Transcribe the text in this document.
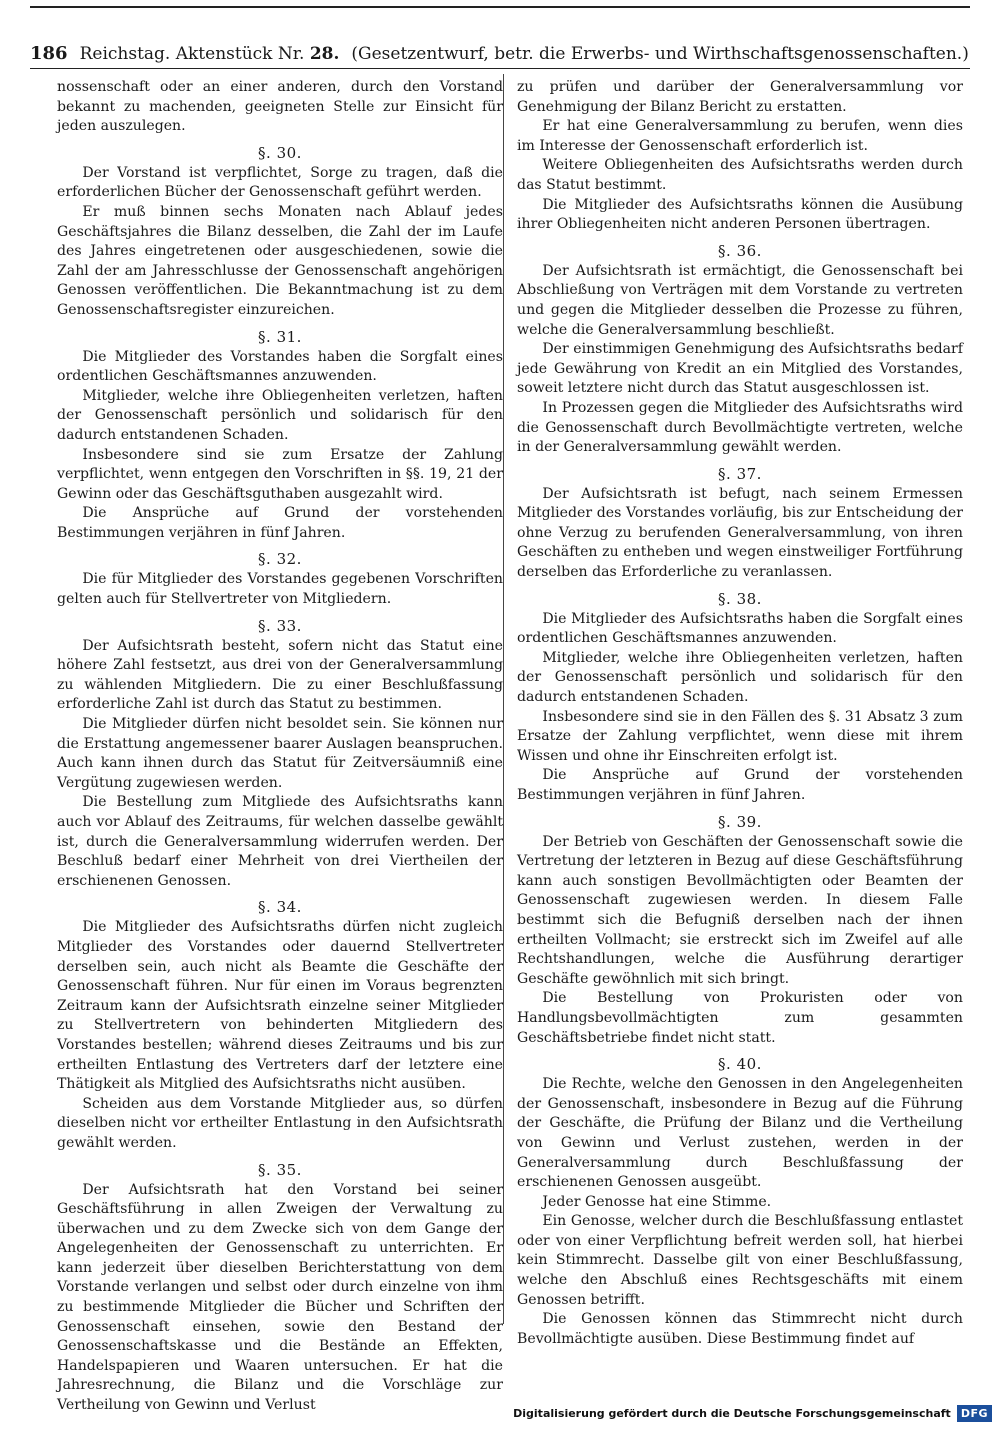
186 Reichstag. Aktenstück Nr. 28. (Gesetzentwurf, betr. die Erwerbs- und Wirthschaftsgenossenschaften.)

nossenschaft oder an einer anderen, durch den Vorstand bekannt zu machenden, geeigneten Stelle zur Einsicht für jeden auszulegen.

§. 30.

Der Vorstand ist verpflichtet, Sorge zu tragen, daß die erforderlichen Bücher der Genossenschaft geführt werden.

Er muß binnen sechs Monaten nach Ablauf jedes Geschäftsjahres die Bilanz desselben, die Zahl der im Laufe des Jahres eingetretenen oder ausgeschiedenen, sowie die Zahl der am Jahresschlusse der Genossenschaft angehörigen Genossen veröffentlichen. Die Bekanntmachung ist zu dem Genossenschaftsregister einzureichen.

§. 31.

Die Mitglieder des Vorstandes haben die Sorgfalt eines ordentlichen Geschäftsmannes anzuwenden.

Mitglieder, welche ihre Obliegenheiten verletzen, haften der Genossenschaft persönlich und solidarisch für den dadurch entstandenen Schaden.

Insbesondere sind sie zum Ersatze der Zahlung verpflichtet, wenn entgegen den Vorschriften in §§. 19, 21 der Gewinn oder das Geschäftsguthaben ausgezahlt wird.

Die Ansprüche auf Grund der vorstehenden Bestimmungen verjähren in fünf Jahren.

§. 32.

Die für Mitglieder des Vorstandes gegebenen Vorschriften gelten auch für Stellvertreter von Mitgliedern.

§. 33.

Der Aufsichtsrath besteht, sofern nicht das Statut eine höhere Zahl festsetzt, aus drei von der Generalversammlung zu wählenden Mitgliedern. Die zu einer Beschlußfassung erforderliche Zahl ist durch das Statut zu bestimmen.

Die Mitglieder dürfen nicht besoldet sein. Sie können nur die Erstattung angemessener baarer Auslagen beanspruchen. Auch kann ihnen durch das Statut für Zeitversäumniß eine Vergütung zugewiesen werden.

Die Bestellung zum Mitgliede des Aufsichtsraths kann auch vor Ablauf des Zeitraums, für welchen dasselbe gewählt ist, durch die Generalversammlung widerrufen werden. Der Beschluß bedarf einer Mehrheit von drei Viertheilen der erschienenen Genossen.

§. 34.

Die Mitglieder des Aufsichtsraths dürfen nicht zugleich Mitglieder des Vorstandes oder dauernd Stellvertreter derselben sein, auch nicht als Beamte die Geschäfte der Genossenschaft führen. Nur für einen im Voraus begrenzten Zeitraum kann der Aufsichtsrath einzelne seiner Mitglieder zu Stellvertretern von behinderten Mitgliedern des Vorstandes bestellen; während dieses Zeitraums und bis zur ertheilten Entlastung des Vertreters darf der letztere eine Thätigkeit als Mitglied des Aufsichtsraths nicht ausüben.

Scheiden aus dem Vorstande Mitglieder aus, so dürfen dieselben nicht vor ertheilter Entlastung in den Aufsichtsrath gewählt werden.

§. 35.

Der Aufsichtsrath hat den Vorstand bei seiner Geschäftsführung in allen Zweigen der Verwaltung zu überwachen und zu dem Zwecke sich von dem Gange der Angelegenheiten der Genossenschaft zu unterrichten. Er kann jederzeit über dieselben Berichterstattung von dem Vorstande verlangen und selbst oder durch einzelne von ihm zu bestimmende Mitglieder die Bücher und Schriften der Genossenschaft einsehen, sowie den Bestand der Genossenschaftskasse und die Bestände an Effekten, Handelspapieren und Waaren untersuchen. Er hat die Jahresrechnung, die Bilanz und die Vorschläge zur Vertheilung von Gewinn und Verlust

zu prüfen und darüber der Generalversammlung vor Genehmigung der Bilanz Bericht zu erstatten.

Er hat eine Generalversammlung zu berufen, wenn dies im Interesse der Genossenschaft erforderlich ist.

Weitere Obliegenheiten des Aufsichtsraths werden durch das Statut bestimmt.

Die Mitglieder des Aufsichtsraths können die Ausübung ihrer Obliegenheiten nicht anderen Personen übertragen.

§. 36.

Der Aufsichtsrath ist ermächtigt, die Genossenschaft bei Abschließung von Verträgen mit dem Vorstande zu vertreten und gegen die Mitglieder desselben die Prozesse zu führen, welche die Generalversammlung beschließt.

Der einstimmigen Genehmigung des Aufsichtsraths bedarf jede Gewährung von Kredit an ein Mitglied des Vorstandes, soweit letztere nicht durch das Statut ausgeschlossen ist.

In Prozessen gegen die Mitglieder des Aufsichtsraths wird die Genossenschaft durch Bevollmächtigte vertreten, welche in der Generalversammlung gewählt werden.

§. 37.

Der Aufsichtsrath ist befugt, nach seinem Ermessen Mitglieder des Vorstandes vorläufig, bis zur Entscheidung der ohne Verzug zu berufenden Generalversammlung, von ihren Geschäften zu entheben und wegen einstweiliger Fortführung derselben das Erforderliche zu veranlassen.

§. 38.

Die Mitglieder des Aufsichtsraths haben die Sorgfalt eines ordentlichen Geschäftsmannes anzuwenden.

Mitglieder, welche ihre Obliegenheiten verletzen, haften der Genossenschaft persönlich und solidarisch für den dadurch entstandenen Schaden.

Insbesondere sind sie in den Fällen des §. 31 Absatz 3 zum Ersatze der Zahlung verpflichtet, wenn diese mit ihrem Wissen und ohne ihr Einschreiten erfolgt ist.

Die Ansprüche auf Grund der vorstehenden Bestimmungen verjähren in fünf Jahren.

§. 39.

Der Betrieb von Geschäften der Genossenschaft sowie die Vertretung der letzteren in Bezug auf diese Geschäftsführung kann auch sonstigen Bevollmächtigten oder Beamten der Genossenschaft zugewiesen werden. In diesem Falle bestimmt sich die Befugniß derselben nach der ihnen ertheilten Vollmacht; sie erstreckt sich im Zweifel auf alle Rechtshandlungen, welche die Ausführung derartiger Geschäfte gewöhnlich mit sich bringt.

Die Bestellung von Prokuristen oder von Handlungsbevollmächtigten zum gesammten Geschäftsbetriebe findet nicht statt.

§. 40.

Die Rechte, welche den Genossen in den Angelegenheiten der Genossenschaft, insbesondere in Bezug auf die Führung der Geschäfte, die Prüfung der Bilanz und die Vertheilung von Gewinn und Verlust zustehen, werden in der Generalversammlung durch Beschlußfassung der erschienenen Genossen ausgeübt.

Jeder Genosse hat eine Stimme.

Ein Genosse, welcher durch die Beschlußfassung entlastet oder von einer Verpflichtung befreit werden soll, hat hierbei kein Stimmrecht. Dasselbe gilt von einer Beschlußfassung, welche den Abschluß eines Rechtsgeschäfts mit einem Genossen betrifft.

Die Genossen können das Stimmrecht nicht durch Bevollmächtigte ausüben. Diese Bestimmung findet auf

Digitalisierung gefördert durch die Deutsche Forschungsgemeinschaft DFG
